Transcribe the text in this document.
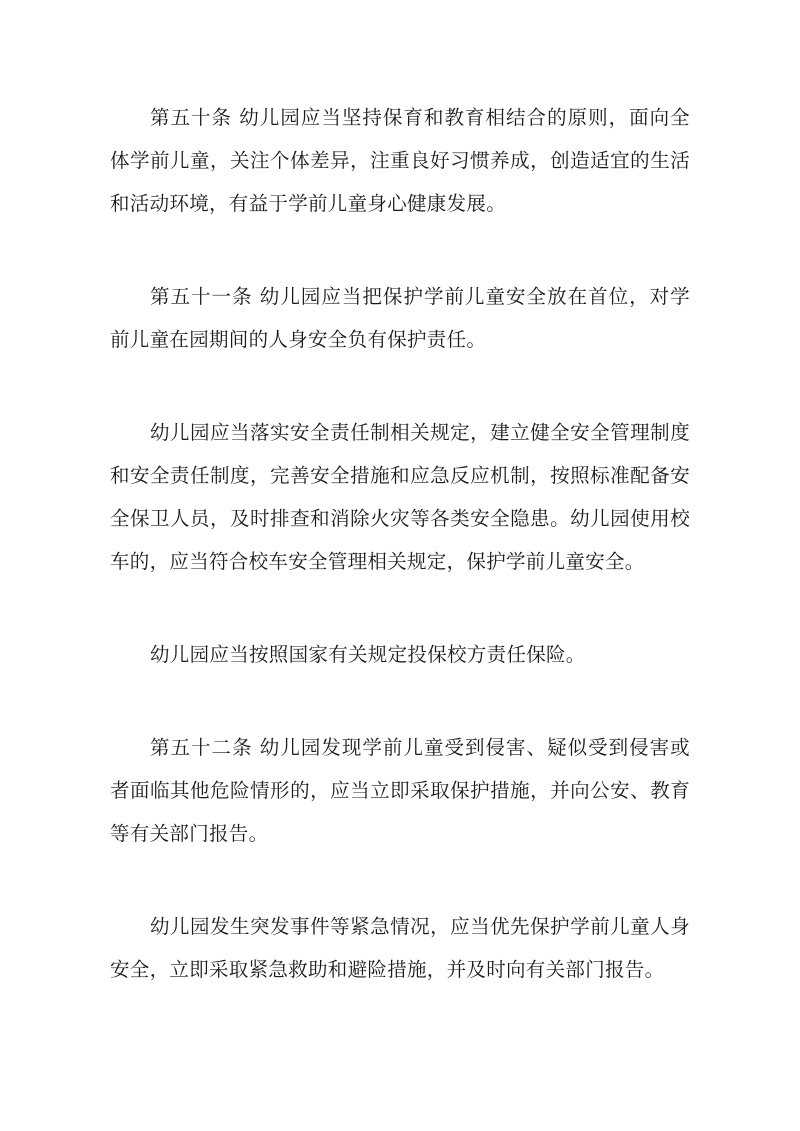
第五十条 幼儿园应当坚持保育和教育相结合的原则，面向全体学前儿童，关注个体差异，注重良好习惯养成，创造适宜的生活和活动环境，有益于学前儿童身心健康发展。

第五十一条 幼儿园应当把保护学前儿童安全放在首位，对学前儿童在园期间的人身安全负有保护责任。

幼儿园应当落实安全责任制相关规定，建立健全安全管理制度和安全责任制度，完善安全措施和应急反应机制，按照标准配备安全保卫人员，及时排查和消除火灾等各类安全隐患。幼儿园使用校车的，应当符合校车安全管理相关规定，保护学前儿童安全。

幼儿园应当按照国家有关规定投保校方责任保险。

第五十二条 幼儿园发现学前儿童受到侵害、疑似受到侵害或者面临其他危险情形的，应当立即采取保护措施，并向公安、教育等有关部门报告。

幼儿园发生突发事件等紧急情况，应当优先保护学前儿童人身安全，立即采取紧急救助和避险措施，并及时向有关部门报告。
